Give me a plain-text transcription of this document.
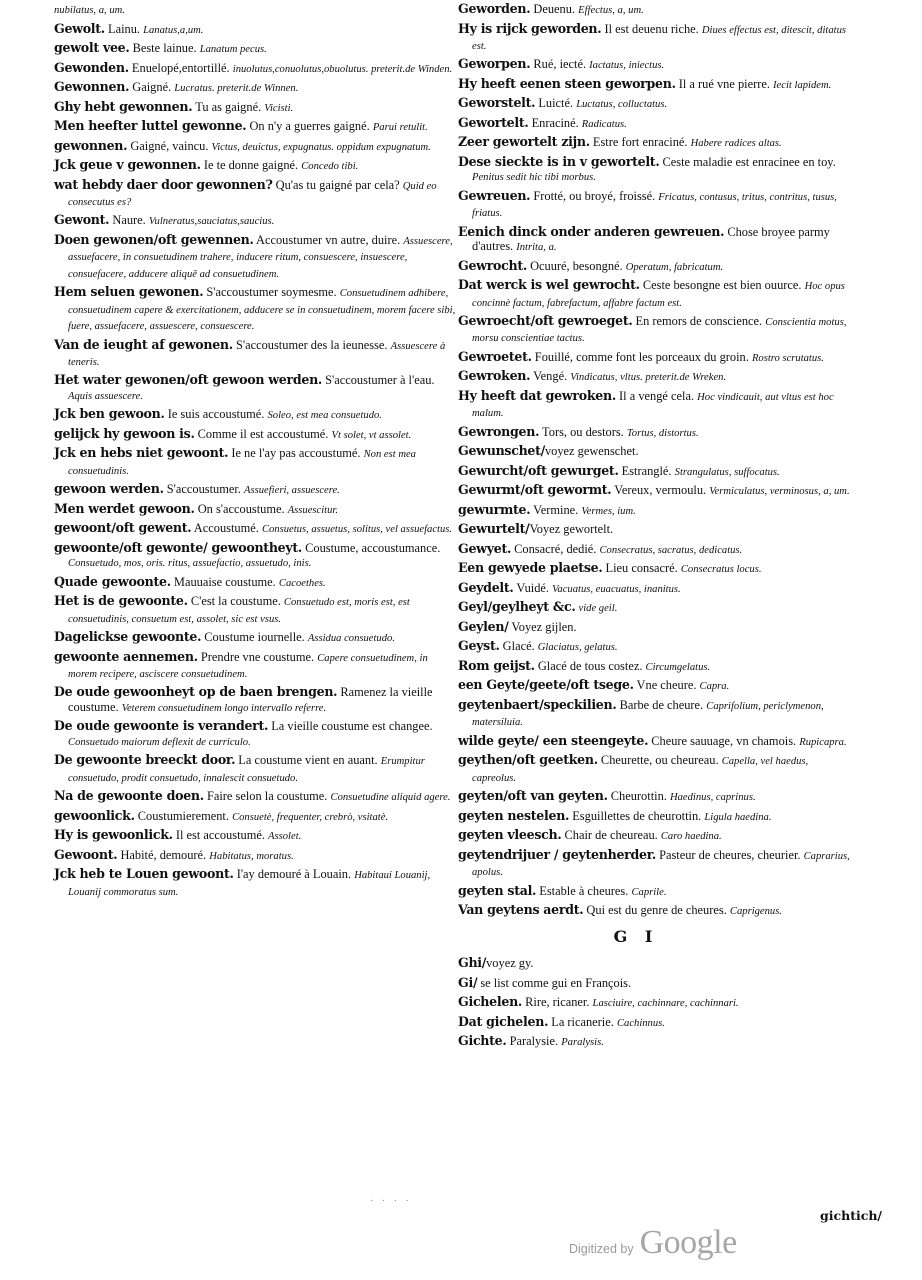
nubilatus, a, um.
Gewolt. Lainu. Lanatus,a,um.
gewolt vee. Beste lainue. Lanatum pecus.
Gewonden. Enuelopé,entortillé. inuolutus,conuolutus,obuolutus. preterit.de Winden.
Gewonnen. Gaigné. Lucratus. preterit.de Winnen.
Ghy hebt gewonnen. Tu as gaigné. Vicisti.
Men heefter luttel gewonne. On n'y a guerres gaigné. Parui retulit.
gewonnen. Gaigné, vaincu. Victus, deuictus, expugnatus. oppidum expugnatum.
Jck geue v gewonnen. Ie te donne gaigné. Concedo tibi.
wat hebdy daer door gewonnen? Qu'as tu gaigné par cela? Quid eo consecutus es?
Gewont. Naure. Vulneratus,sauciatus,saucius.
Doen gewonen/oft gewennen. Accoustumer vn autre, duire. Assuescere, assuefacere, in consuetudinem trahere, inducere ritum, consuescere, insuescere, consuefacere, adducere aliquē ad consuetudinem.
Hem seluen gewonen. S'accoustumer soymesme. Consuetudinem adhibere, consuetudinem capere & exercitationem, adducere se in consuetudinem, morem facere sibi, fuere, assuefacere, assuescere, consuescere.
Van de ieught af gewonen. S'accoustumer des la ieunesse. Assuescere à teneris.
Het water gewonen/oft gewoon werden. S'accoustumer à l'eau. Aquis assuescere.
Jck ben gewoon. Ie suis accoustumé. Soleo, est mea consuetudo.
gelijck hy gewoon is. Comme il est accoustumé. Vt solet, vt assolet.
Jck en hebs niet gewoont. Ie ne l'ay pas accoustumé. Non est mea consuetudinis.
gewoon werden. S'accoustumer. Assuefieri, assuescere.
Men werdet gewoon. On s'accoustume. Assuescitur.
gewoont/oft gewent. Accoustumé. Consuetus, assuetus, solitus, vel assuefactus.
gewoonte/oft gewonte/ gewoontheyt. Coustume, accoustumance. Consuetudo, mos, oris. ritus, assuefactio, assuetudo, inis.
Quade gewoonte. Mauuaise coustume. Cacoethes.
Het is de gewoonte. C'est la coustume. Consuetudo est, moris est, est consuetudinis, consuetum est, assolet, sic est vsus.
Dagelickse gewoonte. Coustume iournelle. Assidua consuetudo.
gewoonte aennemen. Prendre vne coustume. Capere consuetudinem, in morem recipere, asciscere consuetudinem.
De oude gewoonheyt op de baen brengen. Ramenez la vieille coustume. Veterem consuetudinem longo intervallo referre.
De oude gewoonte is verandert. La vieille coustume est changee. Consuetudo maiorum deflexit de curriculo.
De gewoonte breeckt door. La coustume vient en auant. Erumpitur consuetudo, prodit consuetudo, innalescit consuetudo.
Na de gewoonte doen. Faire selon la coustume. Consuetudine aliquid agere.
gewoonlick. Coustumierement. Consuetè, frequenter, crebrò, vsitatè.
Hy is gewoonlick. Il est accoustumé. Assolet.
Gewoont. Habité, demouré. Habitatus, moratus.
Jck heb te Louen gewoont. I'ay demouré à Louain. Habitaui Louanij, Louanij commoratus sum.
Geworden. Deuenu. Effectus, a, um.
Hy is rijck geworden. Il est deuenu riche. Diues effectus est, ditescit, ditatus est.
Geworpen. Rué, iecté. Iactatus, iniectus.
Hy heeft eenen steen geworpen. Il a rué vne pierre. Iecit lapidem.
Geworstelt. Luicté. Luctatus, colluctatus.
Gewortelt. Enraciné. Radicatus.
Zeer gewortelt zijn. Estre fort enraciné. Habere radices altas.
Dese sieckte is in v gewortelt. Ceste maladie est enracinee en toy. Penitus sedit hic tibi morbus.
Gewreuen. Frotté, ou broyé, froissé. Fricatus, contusus, tritus, contritus, tusus, friatus.
Eenich dinck onder anderen gewreuen. Chose broyee parmy d'autres. Intrita, a.
Gewrocht. Ocuuré, besongné. Operatum, fabricatum.
Dat werck is wel gewrocht. Ceste besongne est bien ouurce. Hoc opus concinnè factum, fabrefactum, affabre factum est.
Gewroecht/oft gewroeget. En remors de conscience. Conscientia motus, morsu conscientiae tactus.
Gewroetet. Fouillé, comme font les porceaux du groin. Rostro scrutatus.
Gewroken. Vengé. Vindicatus, vltus. preterit.de Wreken.
Hy heeft dat gewroken. Il a vengé cela. Hoc vindicauit, aut vltus est hoc malum.
Gewrongen. Tors, ou destors. Tortus, distortus.
Gewunschet/voyez gewenschet.
Gewurcht/oft gewurget. Estranglé. Strangulatus, suffocatus.
Gewurmt/oft gewormt. Vereux, vermoulu. Vermiculatus, verminosus, a, um.
gewurmte. Vermine. Vermes, ium.
Gewurtelt/Voyez gewortelt.
Gewyet. Consacré, dedié. Consecratus, sacratus, dedicatus.
Een gewyede plaetse. Lieu consacré. Consecratus locus.
Geydelt. Vuidé. Vacuatus, euacuatus, inanitus.
Geyl/geylheyt &c. vide geil.
Geylen/ Voyez gijlen.
Geyst. Glacé. Glaciatus, gelatus.
Rom geijst. Glacé de tous costez. Circumgelatus.
een Geyte/geete/oft tsege. Vne cheure. Capra.
geytenbaert/speckilien. Barbe de cheure. Caprifolium, periclymenon, matersiluia.
wilde geyte/ een steengeyte. Cheure sauuage, vn chamois. Rupicapra.
geythen/oft geetken. Cheurette, ou cheureau. Capella, vel haedus, capreolus.
geyten/oft van geyten. Cheurottin. Haedinus, caprinus.
geyten nestelen. Esguillettes de cheurottin. Ligula haedina.
geyten vleesch. Chair de cheureau. Caro haedina.
geytendrijuer / geytenherder. Pasteur de cheures, cheurier. Caprarius, apolus.
geyten stal. Estable à cheures. Caprile.
Van geytens aerdt. Qui est du genre de cheures. Caprigenus.
G I
Ghi/voyez gy.
Gi/ se list comme gui en François.
Gichelen. Rire, ricaner. Lasciuire, cachinnare, cachinnari.
Dat gichelen. La ricanerie. Cachinnus.
Gichte. Paralysie. Paralysis.
· · · ·
gichtich/
Digitized by Google
